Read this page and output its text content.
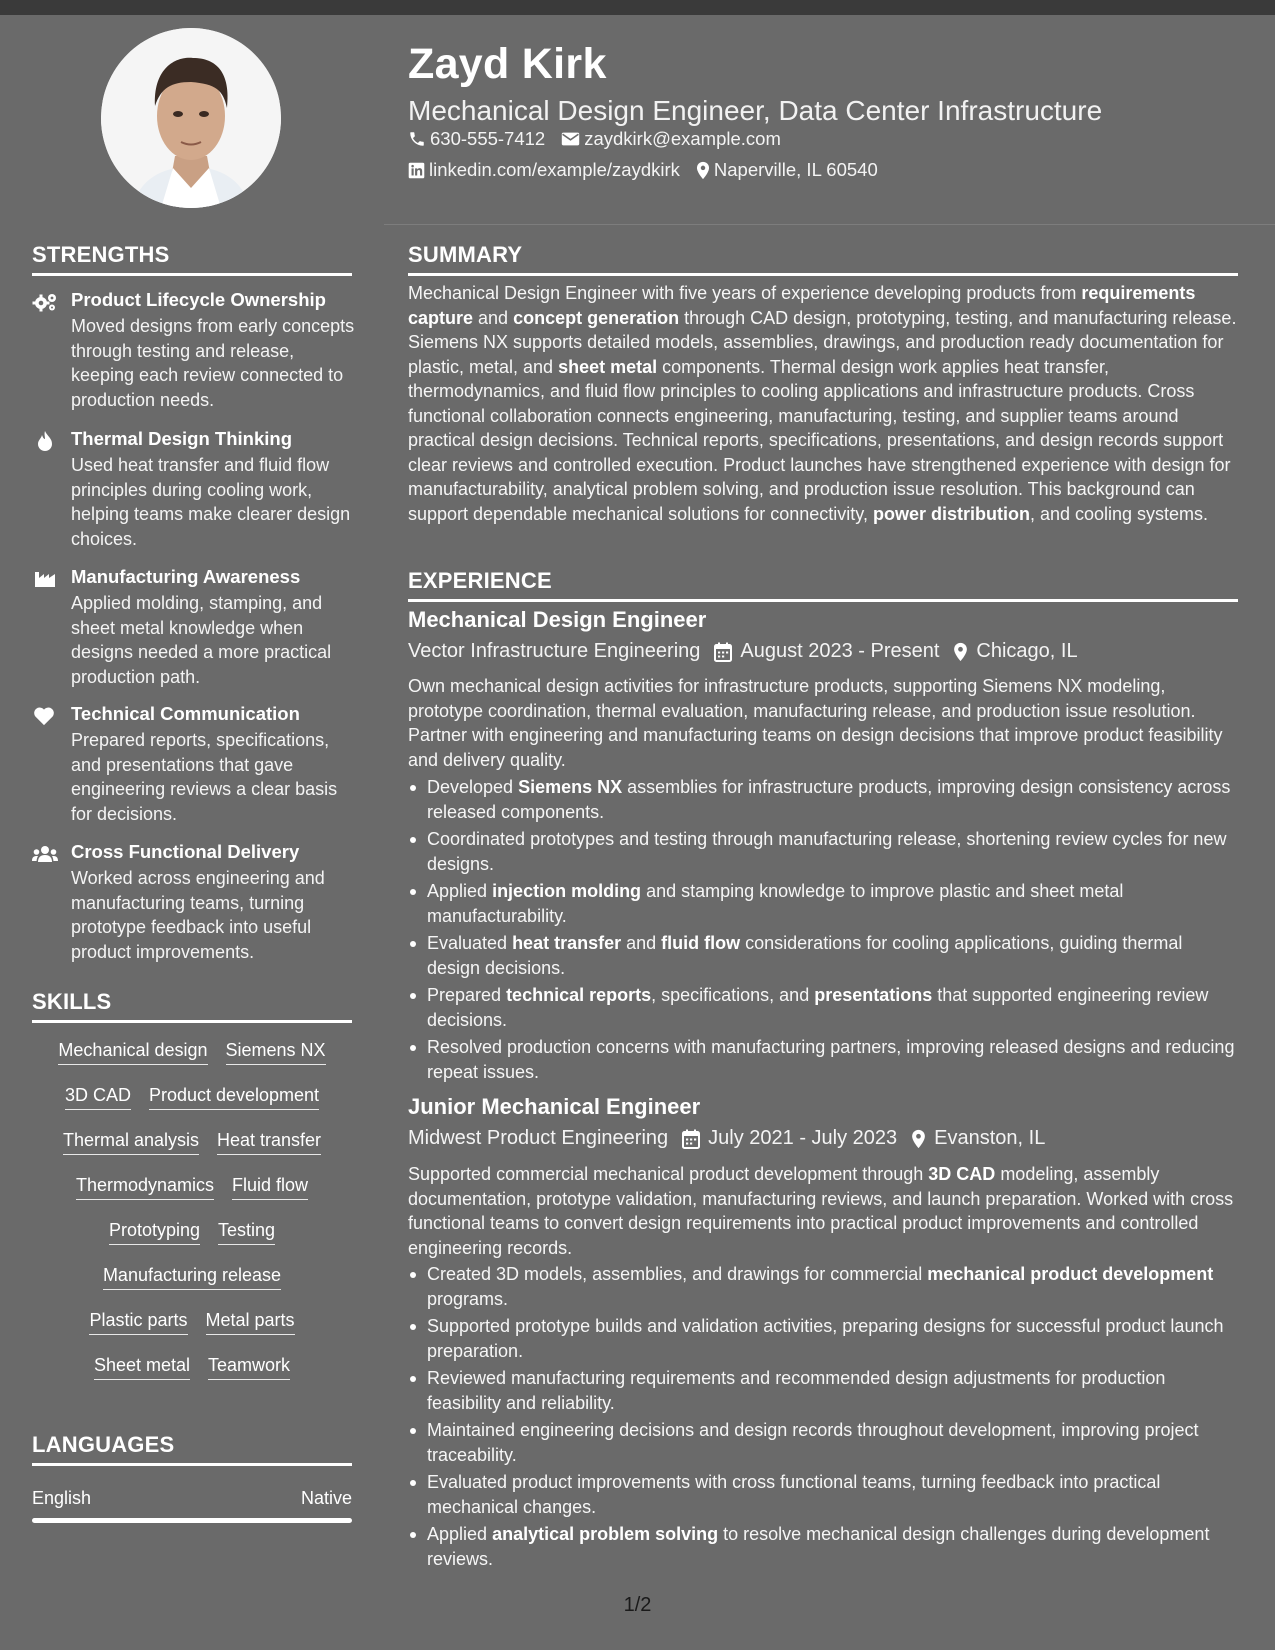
Zayd Kirk
Mechanical Design Engineer, Data Center Infrastructure
630-555-7412 zaydkirk@example.com
linkedin.com/example/zaydkirk Naperville, IL 60540
STRENGTHS
Product Lifecycle Ownership
Moved designs from early concepts through testing and release, keeping each review connected to production needs.
Thermal Design Thinking
Used heat transfer and fluid flow principles during cooling work, helping teams make clearer design choices.
Manufacturing Awareness
Applied molding, stamping, and sheet metal knowledge when designs needed a more practical production path.
Technical Communication
Prepared reports, specifications, and presentations that gave engineering reviews a clear basis for decisions.
Cross Functional Delivery
Worked across engineering and manufacturing teams, turning prototype feedback into useful product improvements.
SKILLS
Mechanical design Siemens NX
3D CAD Product development
Thermal analysis Heat transfer
Thermodynamics Fluid flow
Prototyping Testing
Manufacturing release
Plastic parts Metal parts
Sheet metal Teamwork
LANGUAGES
English	Native
SUMMARY
Mechanical Design Engineer with five years of experience developing products from requirements capture and concept generation through CAD design, prototyping, testing, and manufacturing release. Siemens NX supports detailed models, assemblies, drawings, and production ready documentation for plastic, metal, and sheet metal components. Thermal design work applies heat transfer, thermodynamics, and fluid flow principles to cooling applications and infrastructure products. Cross functional collaboration connects engineering, manufacturing, testing, and supplier teams around practical design decisions. Technical reports, specifications, presentations, and design records support clear reviews and controlled execution. Product launches have strengthened experience with design for manufacturability, analytical problem solving, and production issue resolution. This background can support dependable mechanical solutions for connectivity, power distribution, and cooling systems.
EXPERIENCE
Mechanical Design Engineer
Vector Infrastructure Engineering August 2023 - Present Chicago, IL
Own mechanical design activities for infrastructure products, supporting Siemens NX modeling, prototype coordination, thermal evaluation, manufacturing release, and production issue resolution. Partner with engineering and manufacturing teams on design decisions that improve product feasibility and delivery quality.
Developed Siemens NX assemblies for infrastructure products, improving design consistency across released components.
Coordinated prototypes and testing through manufacturing release, shortening review cycles for new designs.
Applied injection molding and stamping knowledge to improve plastic and sheet metal manufacturability.
Evaluated heat transfer and fluid flow considerations for cooling applications, guiding thermal design decisions.
Prepared technical reports, specifications, and presentations that supported engineering review decisions.
Resolved production concerns with manufacturing partners, improving released designs and reducing repeat issues.
Junior Mechanical Engineer
Midwest Product Engineering July 2021 - July 2023 Evanston, IL
Supported commercial mechanical product development through 3D CAD modeling, assembly documentation, prototype validation, manufacturing reviews, and launch preparation. Worked with cross functional teams to convert design requirements into practical product improvements and controlled engineering records.
Created 3D models, assemblies, and drawings for commercial mechanical product development programs.
Supported prototype builds and validation activities, preparing designs for successful product launch preparation.
Reviewed manufacturing requirements and recommended design adjustments for production feasibility and reliability.
Maintained engineering decisions and design records throughout development, improving project traceability.
Evaluated product improvements with cross functional teams, turning feedback into practical mechanical changes.
Applied analytical problem solving to resolve mechanical design challenges during development reviews.
1/2
